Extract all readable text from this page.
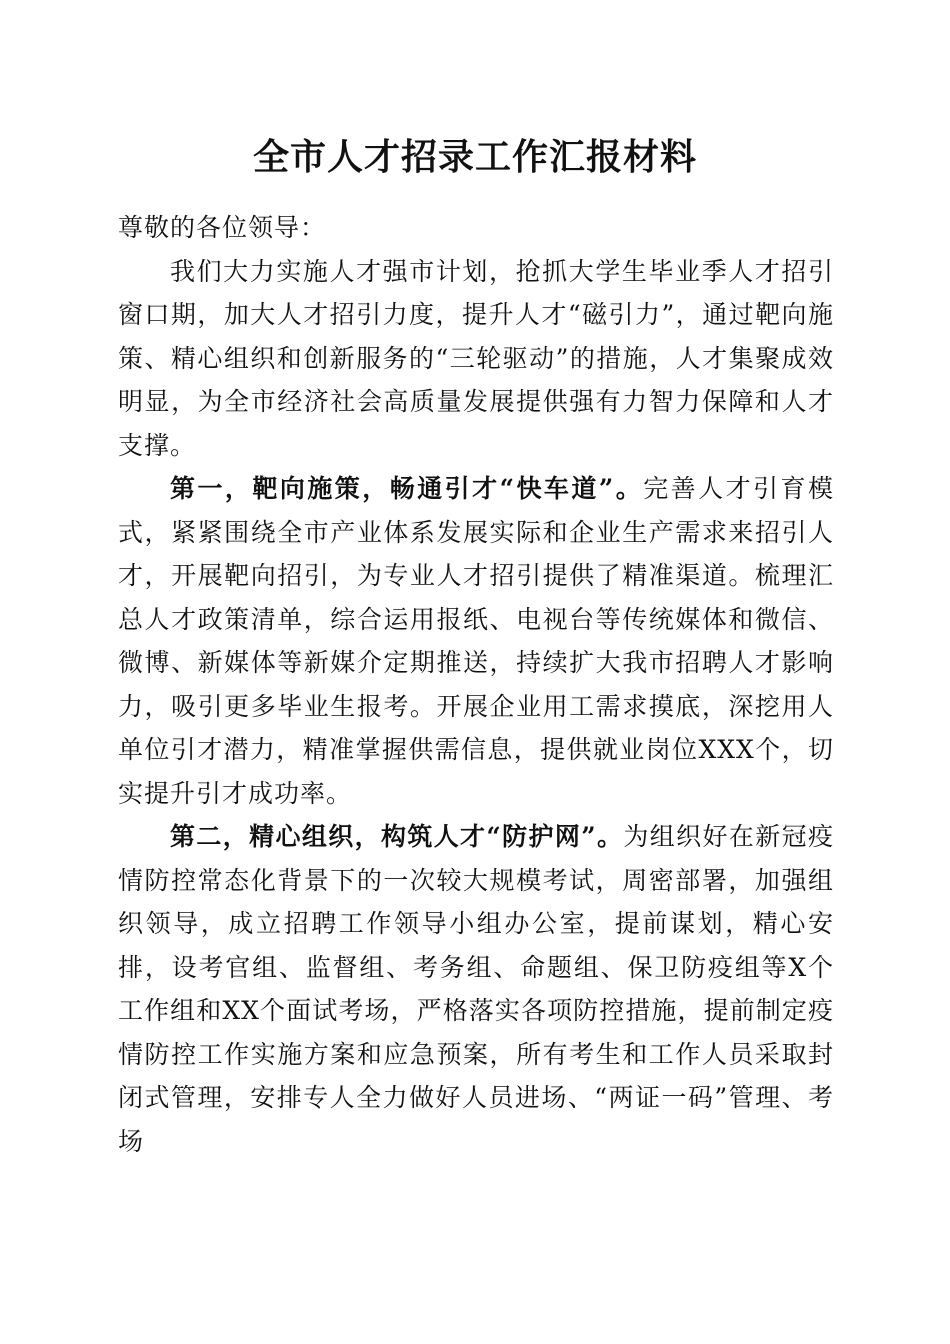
全市人才招录工作汇报材料

尊敬的各位领导：

我们大力实施人才强市计划，抢抓大学生毕业季人才招引窗口期，加大人才招引力度，提升人才“磁引力”，通过靶向施策、精心组织和创新服务的“三轮驱动”的措施，人才集聚成效明显，为全市经济社会高质量发展提供强有力智力保障和人才支撑。

第一，靶向施策，畅通引才“快车道”。完善人才引育模式，紧紧围绕全市产业体系发展实际和企业生产需求来招引人才，开展靶向招引，为专业人才招引提供了精准渠道。梳理汇总人才政策清单，综合运用报纸、电视台等传统媒体和微信、微博、新媒体等新媒介定期推送，持续扩大我市招聘人才影响力，吸引更多毕业生报考。开展企业用工需求摸底，深挖用人单位引才潜力，精准掌握供需信息，提供就业岗位XXX个，切实提升引才成功率。

第二，精心组织，构筑人才“防护网”。为组织好在新冠疫情防控常态化背景下的一次较大规模考试，周密部署，加强组织领导，成立招聘工作领导小组办公室，提前谋划，精心安排，设考官组、监督组、考务组、命题组、保卫防疫组等X个工作组和XX个面试考场，严格落实各项防控措施，提前制定疫情防控工作实施方案和应急预案，所有考生和工作人员采取封闭式管理，安排专人全力做好人员进场、“两证一码”管理、考场
